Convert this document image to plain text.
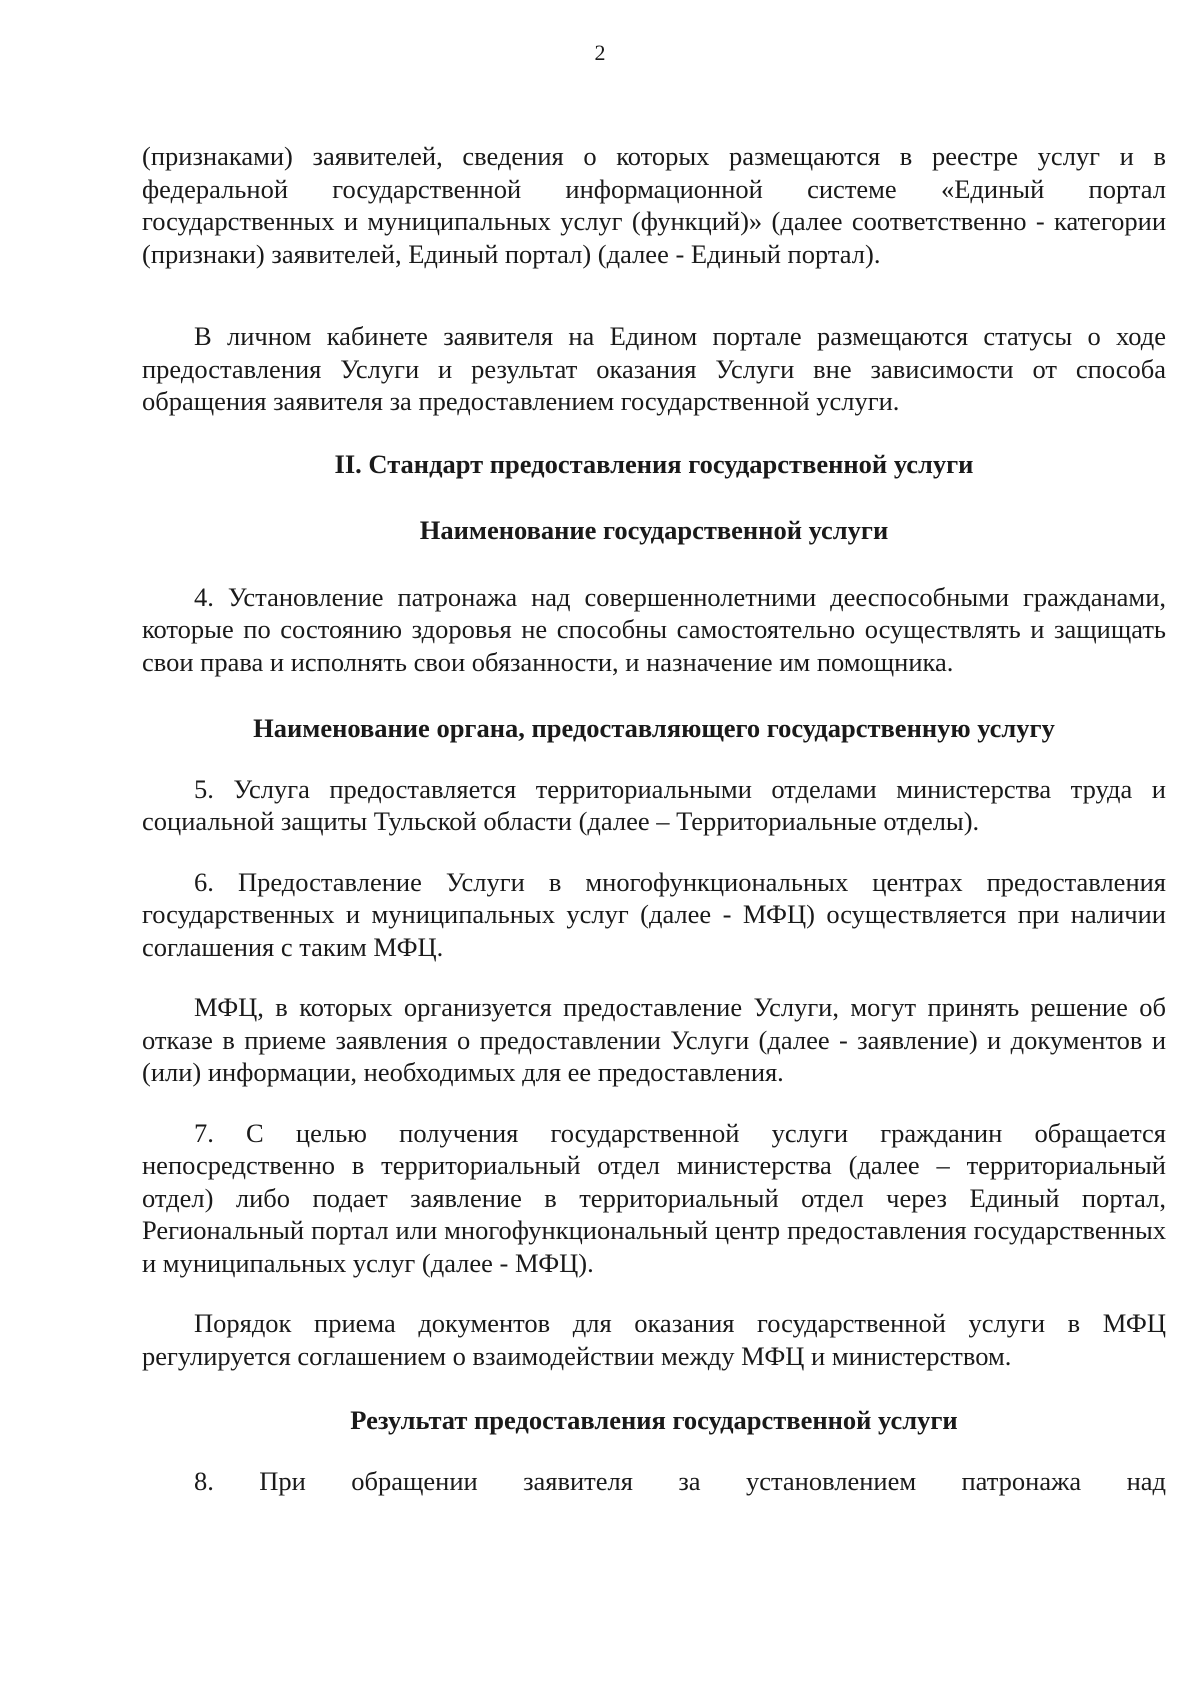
2

(признаками) заявителей, сведения о которых размещаются в реестре услуг и в федеральной государственной информационной системе «Единый портал государственных и муниципальных услуг (функций)» (далее соответственно - категории (признаки) заявителей, Единый портал) (далее - Единый портал).

В личном кабинете заявителя на Едином портале размещаются статусы о ходе предоставления Услуги и результат оказания Услуги вне зависимости от способа обращения заявителя за предоставлением государственной услуги.

II. Стандарт предоставления государственной услуги

Наименование государственной услуги

4. Установление патронажа над совершеннолетними дееспособными гражданами, которые по состоянию здоровья не способны самостоятельно осуществлять и защищать свои права и исполнять свои обязанности, и назначение им помощника.

Наименование органа, предоставляющего государственную услугу

5. Услуга предоставляется территориальными отделами министерства труда и социальной защиты Тульской области (далее – Территориальные отделы).

6. Предоставление Услуги в многофункциональных центрах предоставления государственных и муниципальных услуг (далее - МФЦ) осуществляется при наличии соглашения с таким МФЦ.

МФЦ, в которых организуется предоставление Услуги, могут принять решение об отказе в приеме заявления о предоставлении Услуги (далее - заявление) и документов и (или) информации, необходимых для ее предоставления.

7. С целью получения государственной услуги гражданин обращается непосредственно в территориальный отдел министерства (далее – территориальный отдел) либо подает заявление в территориальный отдел через Единый портал, Региональный портал или многофункциональный центр предоставления государственных и муниципальных услуг (далее - МФЦ).

Порядок приема документов для оказания государственной услуги в МФЦ регулируется соглашением о взаимодействии между МФЦ и министерством.

Результат предоставления государственной услуги

8. При обращении заявителя за установлением патронажа над
